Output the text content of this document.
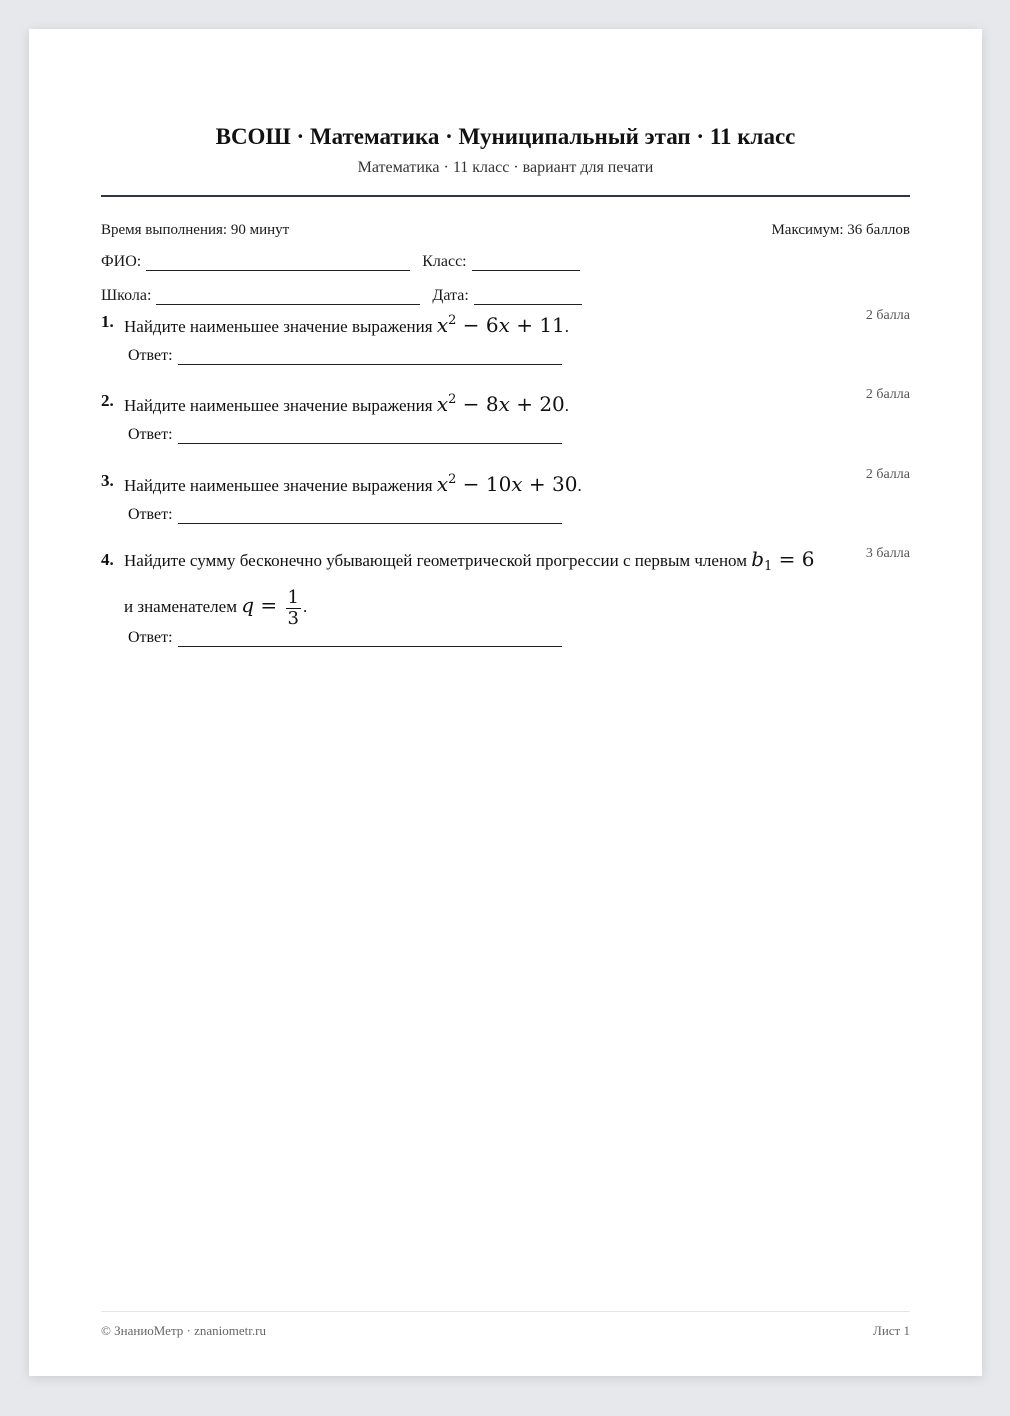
ВСОШ · Математика · Муниципальный этап · 11 класс
Математика · 11 класс · вариант для печати
Время выполнения: 90 минут	Максимум: 36 баллов
ФИО:	Класс:
Школа:	Дата:
1. Найдите наименьшее значение выражения $x^2 - 6x + 11$.
2 балла
Ответ:
2. Найдите наименьшее значение выражения $x^2 - 8x + 20$.
2 балла
Ответ:
3. Найдите наименьшее значение выражения $x^2 - 10x + 30$.
2 балла
Ответ:
4. Найдите сумму бесконечно убывающей геометрической прогрессии с первым членом $b_1 = 6$
и знаменателем $q = \frac{1}{3}$ .
3 балла
Ответ:
© ЗнаниоМетр · znaniometr.ru	Лист 1
